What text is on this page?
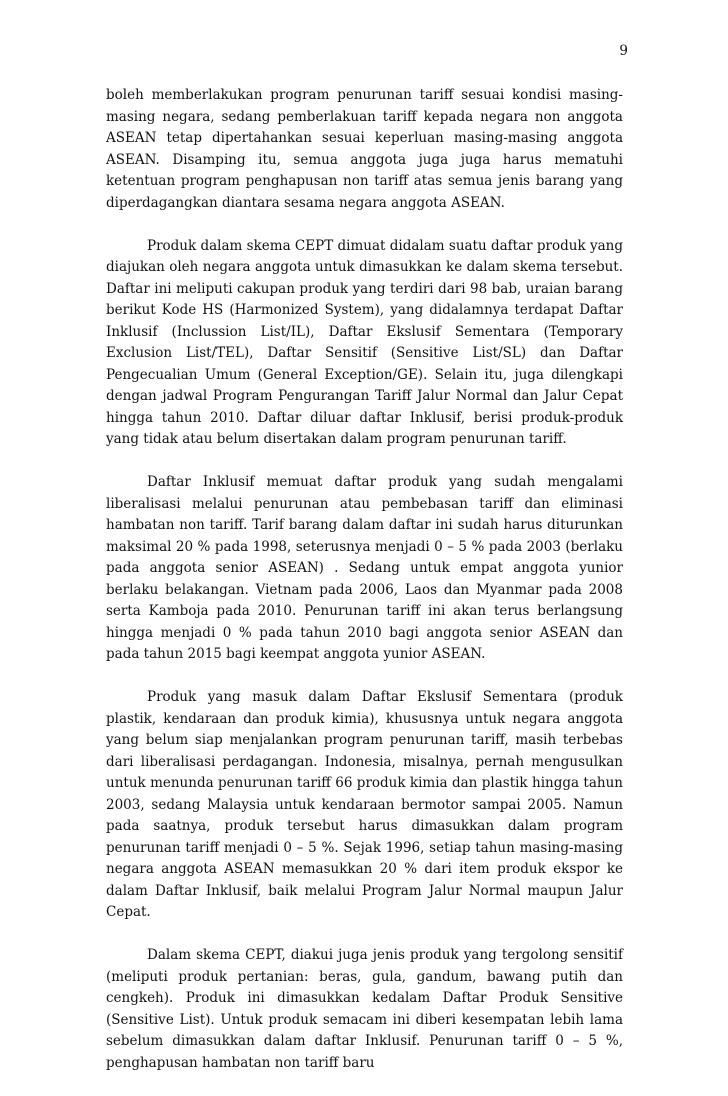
9

boleh memberlakukan program penurunan tariff sesuai kondisi masing-masing negara, sedang pemberlakuan tariff kepada negara non anggota ASEAN tetap dipertahankan sesuai keperluan masing-masing anggota ASEAN. Disamping itu, semua anggota juga juga harus mematuhi ketentuan program penghapusan non tariff atas semua jenis barang yang diperdagangkan diantara sesama negara anggota ASEAN.

Produk dalam skema CEPT dimuat didalam suatu daftar produk yang diajukan oleh negara anggota untuk dimasukkan ke dalam skema tersebut. Daftar ini meliputi cakupan produk yang terdiri dari 98 bab, uraian barang berikut Kode HS (Harmonized System), yang didalamnya terdapat Daftar Inklusif (Inclussion List/IL), Daftar Ekslusif Sementara (Temporary Exclusion List/TEL), Daftar Sensitif (Sensitive List/SL) dan Daftar Pengecualian Umum (General Exception/GE). Selain itu, juga dilengkapi dengan jadwal Program Pengurangan Tariff Jalur Normal dan Jalur Cepat hingga tahun 2010. Daftar diluar daftar Inklusif, berisi produk-produk yang tidak atau belum disertakan dalam program penurunan tariff.

Daftar Inklusif memuat daftar produk yang sudah mengalami liberalisasi melalui penurunan atau pembebasan tariff dan eliminasi hambatan non tariff. Tarif barang dalam daftar ini sudah harus diturunkan maksimal 20 % pada 1998, seterusnya menjadi 0 – 5 % pada 2003 (berlaku pada anggota senior ASEAN) . Sedang untuk empat anggota yunior berlaku belakangan. Vietnam pada 2006, Laos dan Myanmar pada 2008 serta Kamboja pada 2010. Penurunan tariff ini akan terus berlangsung hingga menjadi 0 % pada tahun 2010 bagi anggota senior ASEAN dan pada tahun 2015 bagi keempat anggota yunior ASEAN.

Produk yang masuk dalam Daftar Ekslusif Sementara (produk plastik, kendaraan dan produk kimia), khususnya untuk negara anggota yang belum siap menjalankan program penurunan tariff, masih terbebas dari liberalisasi perdagangan. Indonesia, misalnya, pernah mengusulkan untuk menunda penurunan tariff 66 produk kimia dan plastik hingga tahun 2003, sedang Malaysia untuk kendaraan bermotor sampai 2005. Namun pada saatnya, produk tersebut harus dimasukkan dalam program penurunan tariff menjadi 0 – 5 %. Sejak 1996, setiap tahun masing-masing negara anggota ASEAN memasukkan 20 % dari item produk ekspor ke dalam Daftar Inklusif, baik melalui Program Jalur Normal maupun Jalur Cepat.

Dalam skema CEPT, diakui juga jenis produk yang tergolong sensitif (meliputi produk pertanian: beras, gula, gandum, bawang putih dan cengkeh). Produk ini dimasukkan kedalam Daftar Produk Sensitive (Sensitive List). Untuk produk semacam ini diberi kesempatan lebih lama sebelum dimasukkan dalam daftar Inklusif. Penurunan tariff 0 – 5 %, penghapusan hambatan non tariff baru
